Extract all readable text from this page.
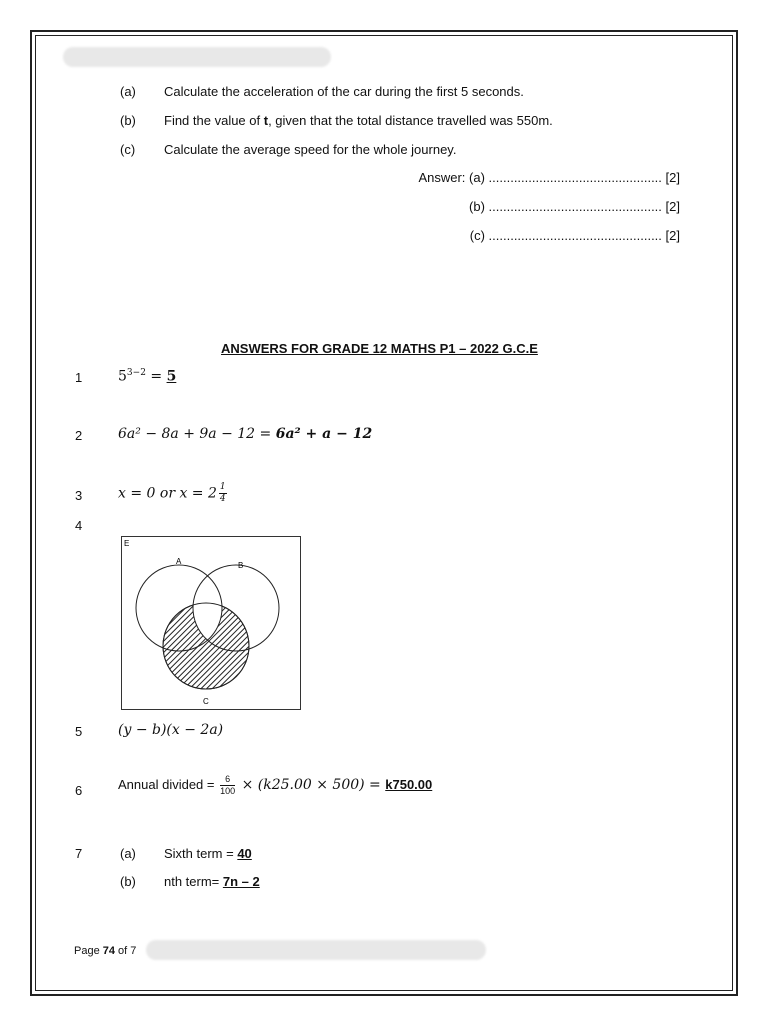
(a) Calculate the acceleration of the car during the first 5 seconds.
(b) Find the value of t, given that the total distance travelled was 550m.
(c) Calculate the average speed for the whole journey.
Answer: (a) ................................................ [2]
(b) ................................................ [2]
(c) ................................................ [2]
ANSWERS FOR GRADE 12 MATHS P1 – 2022 G.C.E
1	$5^{3-2} = 5$
2	6a² − 8a + 9a − 12 = 6a² + a − 12
3	x = 0 or $x = 2 \frac{1}{4}$
4
E
A	B
C
5	(y − b)(x − 2a)
6	Annual divided = $\frac{6}{100} \times (k25.00 \times 500) = k750.00$
7	(a) Sixth term = 40
(b) nth term= 7n – 2
Page 74 of 7
